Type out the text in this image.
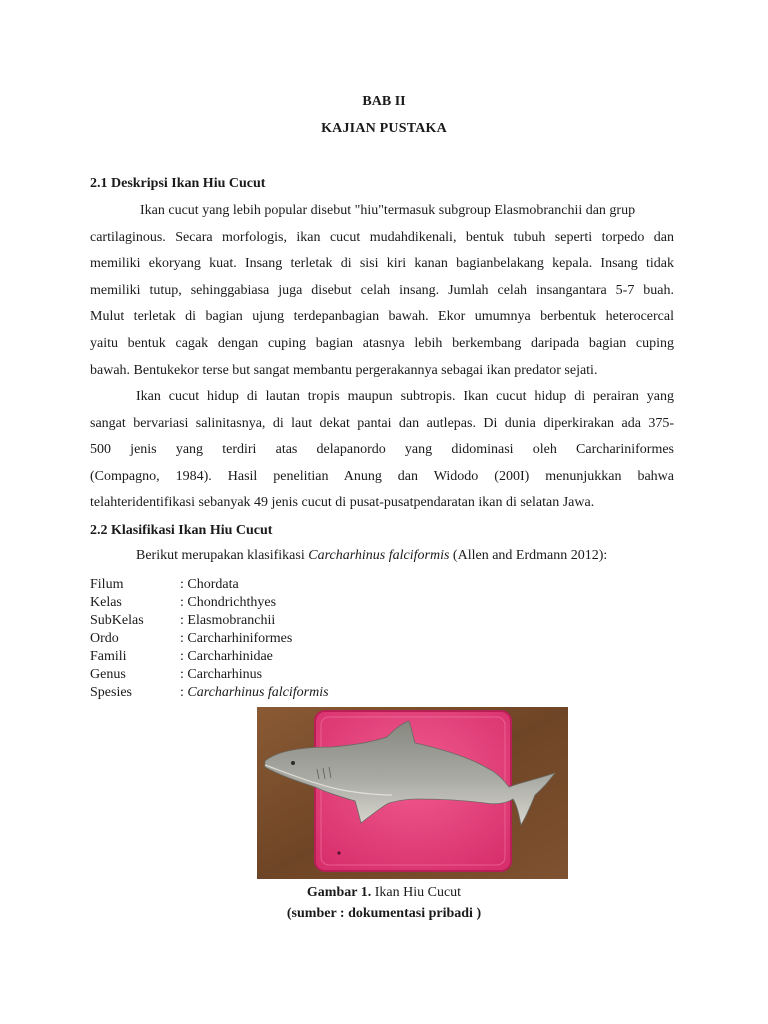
BAB II
KAJIAN PUSTAKA
2.1 Deskripsi Ikan Hiu Cucut
Ikan cucut yang lebih popular disebut "hiu"termasuk subgroup Elasmobranchii dan grup
cartilaginous. Secara morfologis, ikan cucut mudahdikenali, bentuk tubuh seperti torpedo dan
memiliki ekoryang kuat. Insang terletak di sisi kiri kanan bagianbelakang kepala. Insang tidak
memiliki tutup, sehinggabiasa juga disebut celah insang. Jumlah celah insangantara 5-7 buah.
Mulut terletak di bagian ujung terdepanbagian bawah. Ekor umumnya berbentuk heterocercal
yaitu bentuk cagak dengan cuping bagian atasnya lebih berkembang daripada bagian cuping
bawah. Bentukekor terse but sangat membantu pergerakannya sebagai ikan predator sejati.
Ikan cucut hidup di lautan tropis maupun subtropis. Ikan cucut hidup di perairan yang
sangat bervariasi salinitasnya, di laut dekat pantai dan autlepas. Di dunia diperkirakan ada 375-
500 jenis yang terdiri atas delapanordo yang didominasi oleh Carchariniformes
(Compagno, 1984). Hasil penelitian Anung dan Widodo (200I) menunjukkan bahwa
telahteridentifikasi sebanyak 49 jenis cucut di pusat-pusatpendaratan ikan di selatan Jawa.
2.2 Klasifikasi Ikan Hiu Cucut
Berikut merupakan klasifikasi Carcharhinus falciformis (Allen and Erdmann 2012):
Filum	: Chordata
Kelas	: Chondrichthyes
SubKelas	: Elasmobranchii
Ordo	: Carcharhiniformes
Famili	: Carcharhinidae
Genus	: Carcharhinus
Spesies	: Carcharhinus falciformis
Gambar 1. Ikan Hiu Cucut
(sumber : dokumentasi pribadi )
